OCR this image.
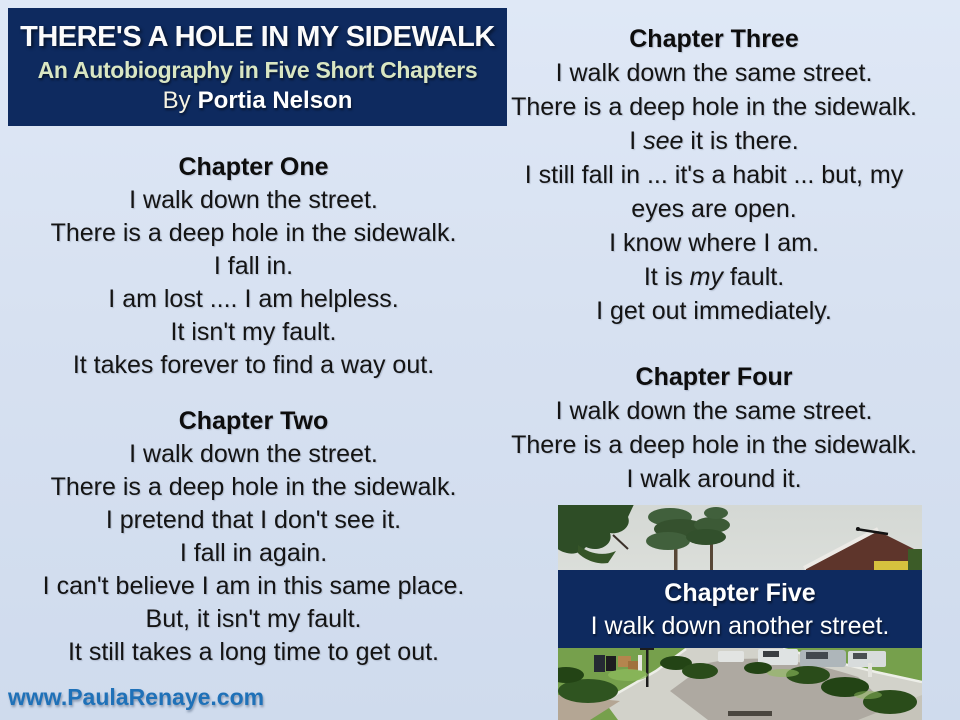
THERE'S A HOLE IN MY SIDEWALK
An Autobiography in Five Short Chapters
By Portia Nelson
Chapter One
I walk down the street.
There is a deep hole in the sidewalk.
I fall in.
I am lost .... I am helpless.
It isn't my fault.
It takes forever to find a way out.
Chapter Two
I walk down the street.
There is a deep hole in the sidewalk.
I pretend that I don't see it.
I fall in again.
I can't believe I am in this same place.
But, it isn't my fault.
It still takes a long time to get out.
Chapter Three
I walk down the same street.
There is a deep hole in the sidewalk.
I see it is there.
I still fall in ... it's a habit ... but, my
eyes are open.
I know where I am.
It is my fault.
I get out immediately.
Chapter Four
I walk down the same street.
There is a deep hole in the sidewalk.
I walk around it.
Chapter Five
I walk down another street.
www.PaulaRenaye.com
